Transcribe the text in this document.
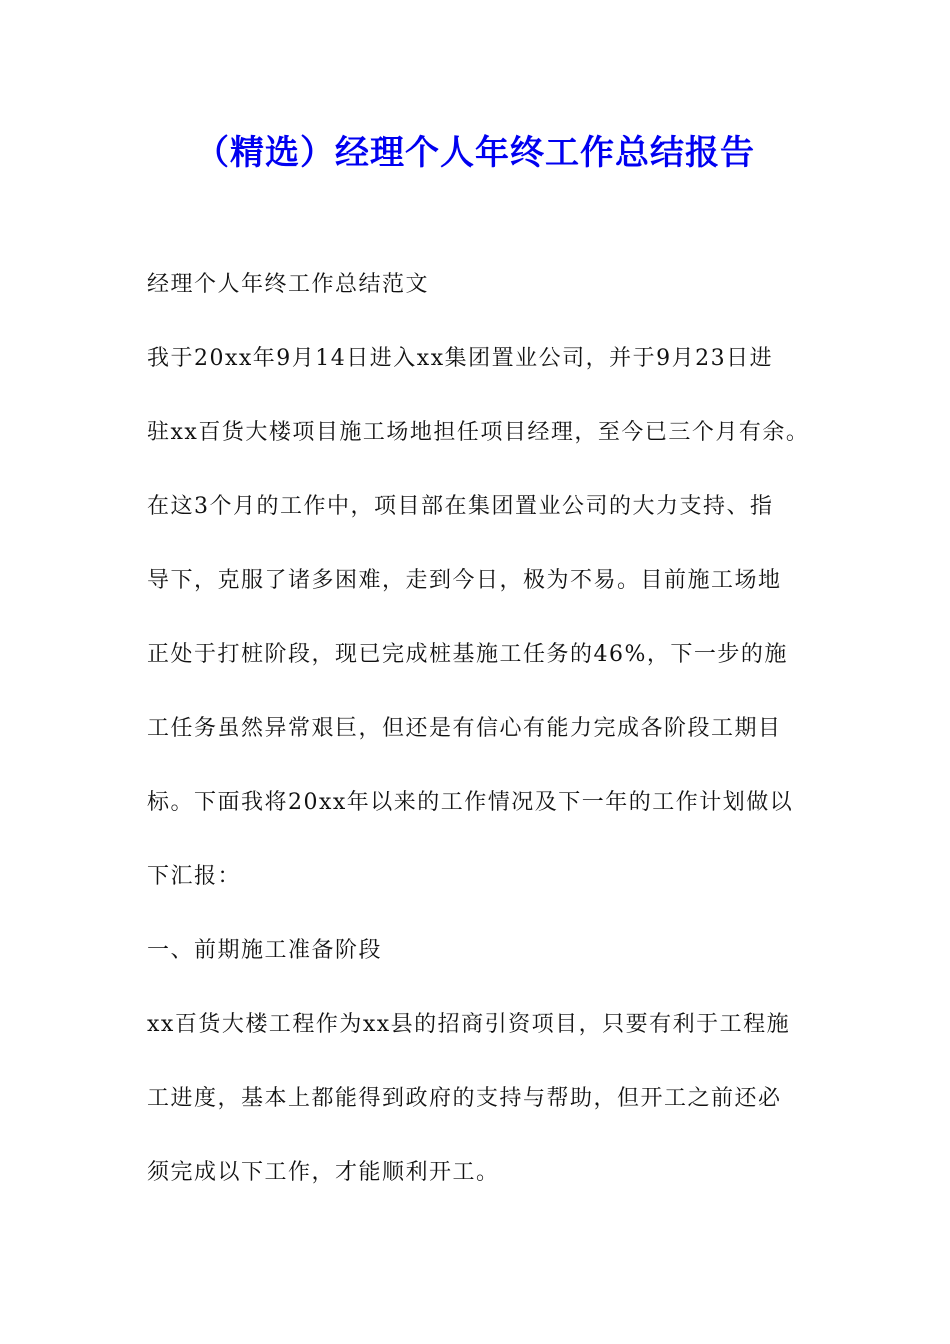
（精选）经理个人年终工作总结报告
经理个人年终工作总结范文
我于20xx年9月14日进入xx集团置业公司，并于9月23日进
驻xx百货大楼项目施工场地担任项目经理，至今已三个月有余。
在这3个月的工作中，项目部在集团置业公司的大力支持、指
导下，克服了诸多困难，走到今日，极为不易。目前施工场地
正处于打桩阶段，现已完成桩基施工任务的46%，下一步的施
工任务虽然异常艰巨，但还是有信心有能力完成各阶段工期目
标。下面我将20xx年以来的工作情况及下一年的工作计划做以
下汇报：
一、前期施工准备阶段
xx百货大楼工程作为xx县的招商引资项目，只要有利于工程施
工进度，基本上都能得到政府的支持与帮助，但开工之前还必
须完成以下工作，才能顺利开工。
